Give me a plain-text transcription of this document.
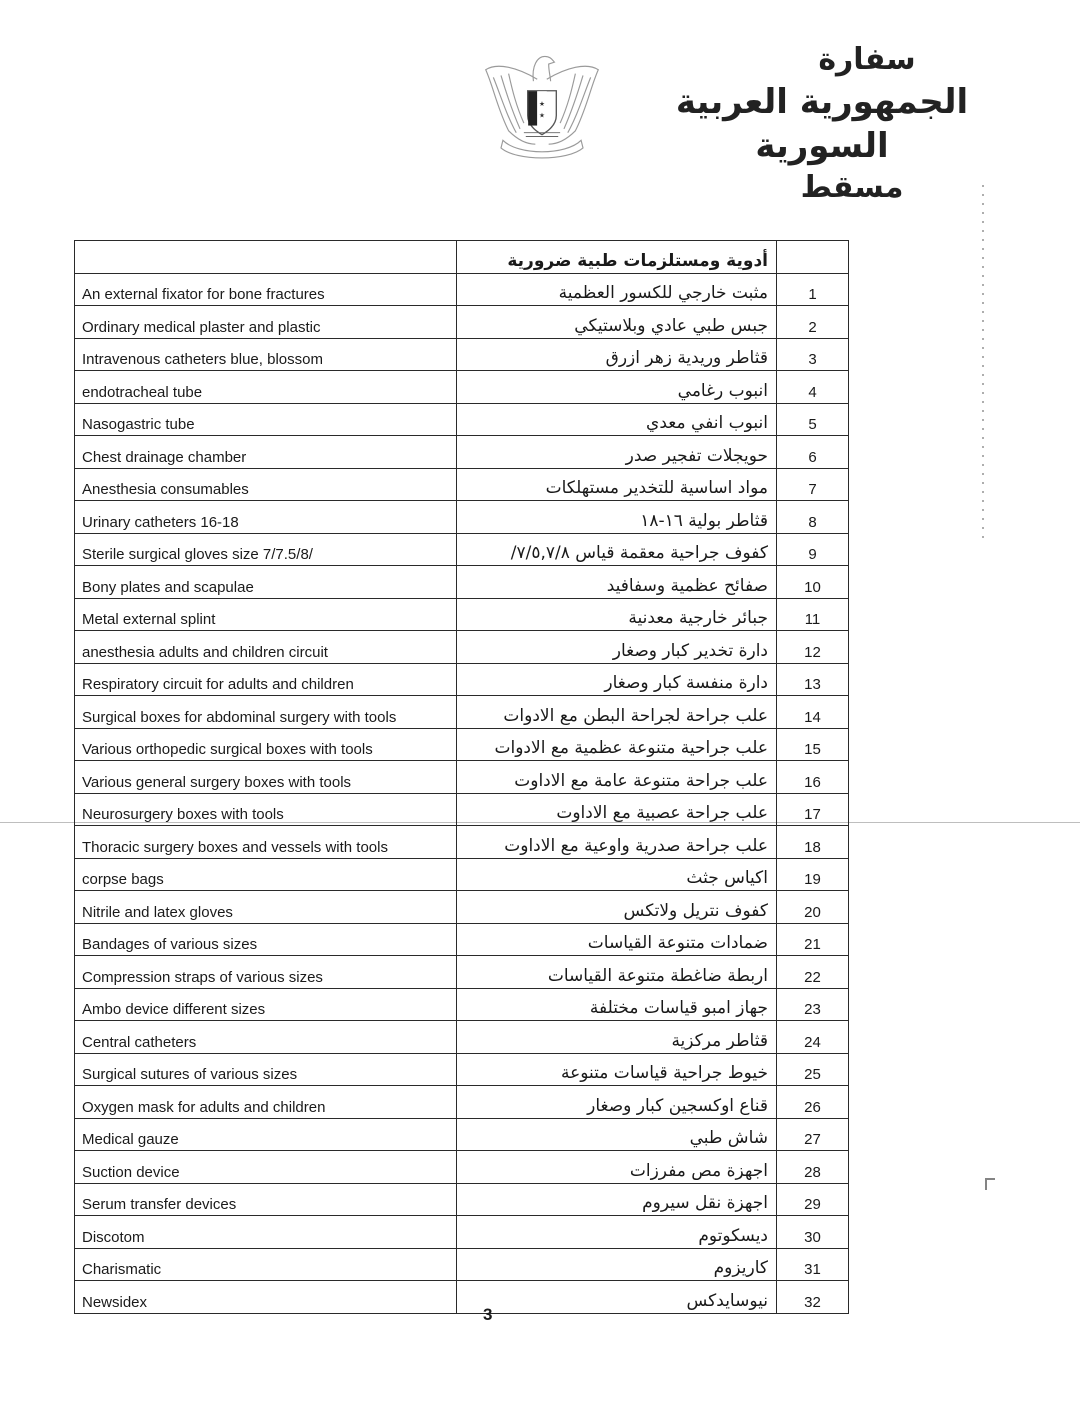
★
★
سفارة
الجمهورية العربية السورية
مسقط
	أدوية ومستلزمات طبية ضرورية	
An external fixator for bone fractures	مثبت خارجي للكسور العظمية	1
Ordinary medical plaster and plastic	جبس طبي عادي وبلاستيكي	2
Intravenous catheters blue, blossom	قثاطر وريدية زهر ازرق	3
endotracheal tube	انبوب رغامي	4
Nasogastric tube	انبوب انفي معدي	5
Chest drainage chamber	حويجلات تفجير صدر	6
Anesthesia consumables	مواد اساسية للتخدير مستهلكات	7
Urinary catheters 16-18	قثاطر بولية ١٦-١٨	8
Sterile surgical gloves size 7/7.5/8/	كفوف جراحية معقمة قياس ٧/٥,٧/٨/	9
Bony plates and scapulae	صفائح عظمية وسفافيد	10
Metal external splint	جبائر خارجية معدنية	11
anesthesia adults and children circuit	دارة تخدير كبار وصغار	12
Respiratory circuit for adults and children	دارة منفسة كبار وصغار	13
Surgical boxes for abdominal surgery with tools	علب جراحة لجراحة البطن مع الادوات	14
Various orthopedic surgical boxes with tools	علب جراحية متنوعة عظمية مع الادوات	15
Various general surgery boxes with tools	علب جراحة متنوعة عامة مع الاداوت	16
Neurosurgery boxes with tools	علب جراحة عصبية مع الاداوت	17
Thoracic surgery boxes and vessels with tools	علب جراحة صدرية واوعية مع الاداوت	18
corpse bags	اكياس جثث	19
Nitrile and latex gloves	كفوف نتريل ولاتكس	20
Bandages of various sizes	ضمادات متنوعة القياسات	21
Compression straps of various sizes	اربطة ضاغطة متنوعة القياسات	22
Ambo device different sizes	جهاز امبو قياسات مختلفة	23
Central catheters	قثاطر مركزية	24
Surgical sutures of various sizes	خيوط جراحية قياسات متنوعة	25
Oxygen mask for adults and children	قناع اوكسجين كبار وصغار	26
Medical gauze	شاش طبي	27
Suction device	اجهزة مص مفرزات	28
Serum transfer devices	اجهزة نقل سيروم	29
Discotom	ديسكوتوم	30
Charismatic	كاريزوم	31
Newsidex	نيوسايدكس	32
3
